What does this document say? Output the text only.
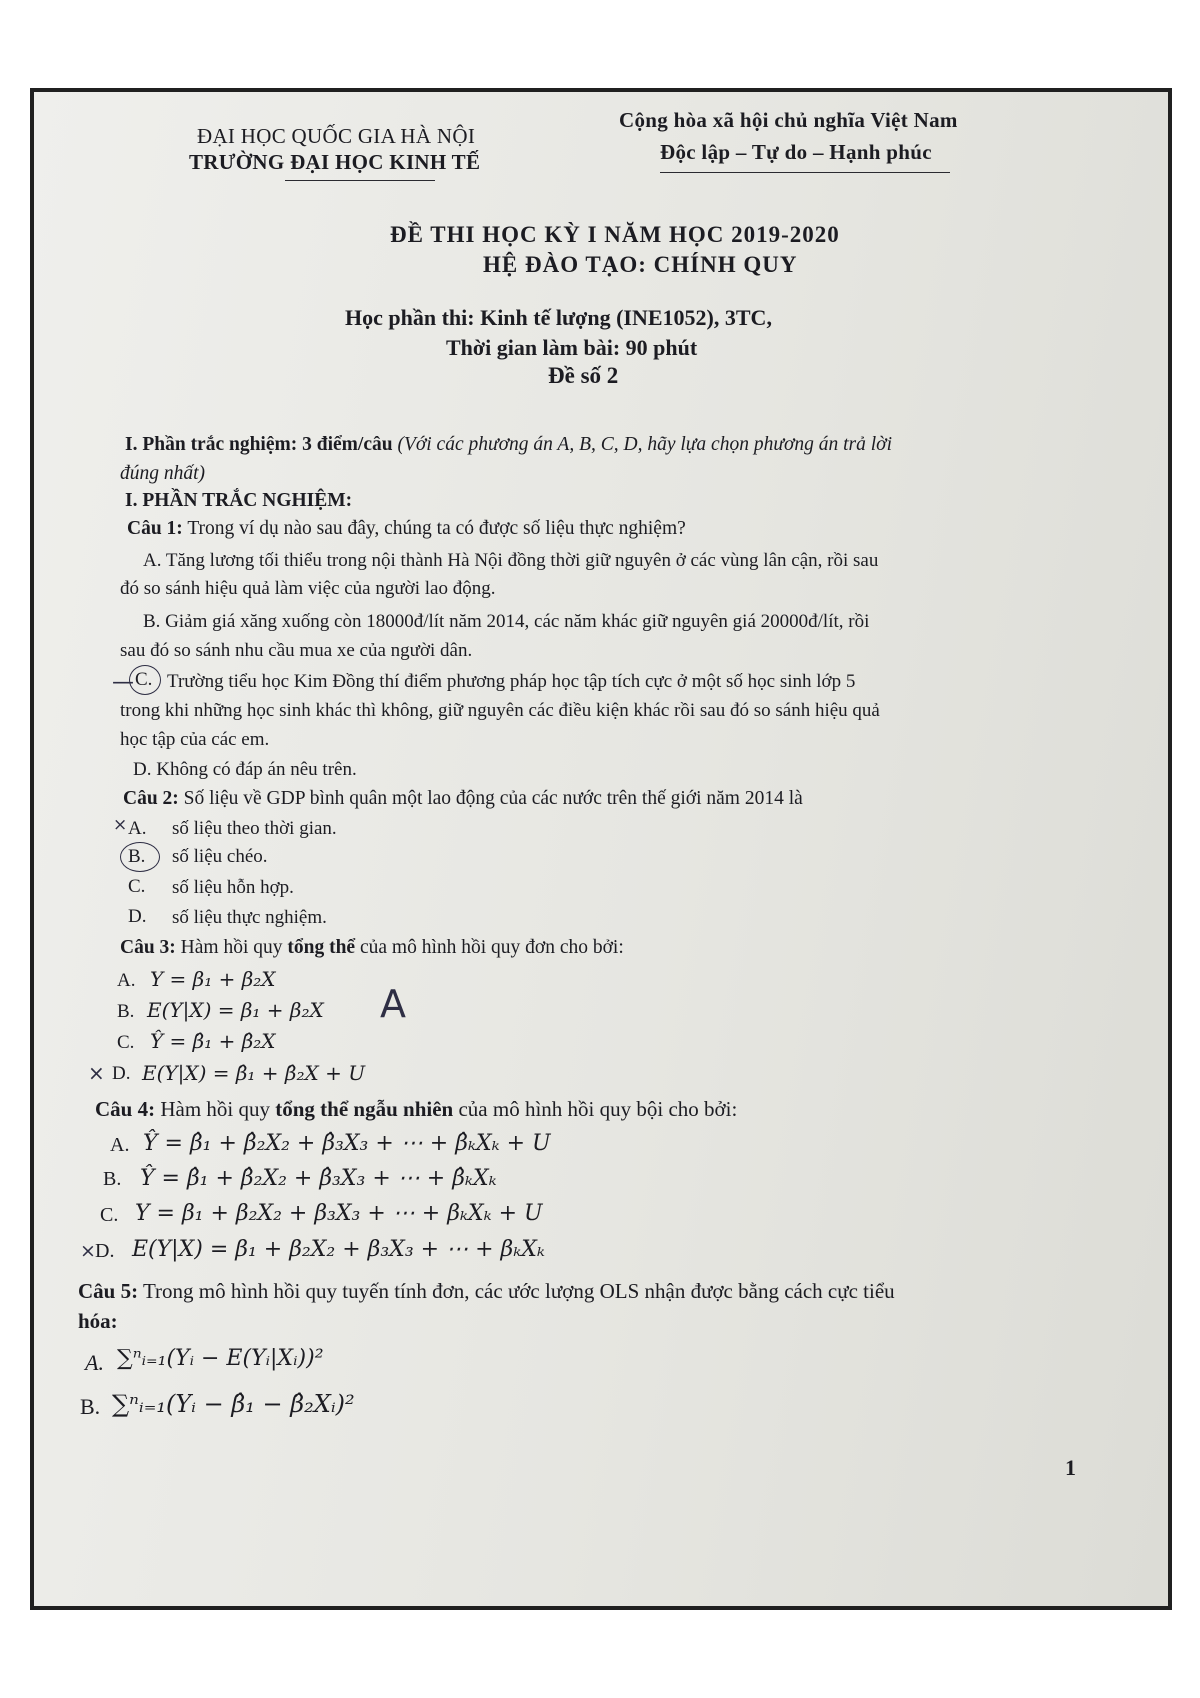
ĐẠI HỌC QUỐC GIA HÀ NỘI
TRƯỜNG ĐẠI HỌC KINH TẾ
Cộng hòa xã hội chủ nghĩa Việt Nam
Độc lập – Tự do – Hạnh phúc
ĐỀ THI HỌC KỲ I NĂM HỌC 2019-2020
HỆ ĐÀO TẠO: CHÍNH QUY
Học phần thi: Kinh tế lượng (INE1052), 3TC,
Thời gian làm bài: 90 phút
Đề số 2
I. Phần trắc nghiệm: 3 điểm/câu (Với các phương án A, B, C, D, hãy lựa chọn phương án trả lời
đúng nhất)
I. PHẦN TRẮC NGHIỆM:
Câu 1: Trong ví dụ nào sau đây, chúng ta có được số liệu thực nghiệm?
A. Tăng lương tối thiểu trong nội thành Hà Nội đồng thời giữ nguyên ở các vùng lân cận, rồi sau
đó so sánh hiệu quả làm việc của người lao động.
B. Giảm giá xăng xuống còn 18000đ/lít năm 2014, các năm khác giữ nguyên giá 20000đ/lít, rồi
sau đó so sánh nhu cầu mua xe của người dân.
— C. Trường tiểu học Kim Đồng thí điểm phương pháp học tập tích cực ở một số học sinh lớp 5
trong khi những học sinh khác thì không, giữ nguyên các điều kiện khác rồi sau đó so sánh hiệu quả
học tập của các em.
D. Không có đáp án nêu trên.
Câu 2: Số liệu về GDP bình quân một lao động của các nước trên thế giới năm 2014 là
× A. số liệu theo thời gian.
B. số liệu chéo.
C. số liệu hỗn hợp.
D. số liệu thực nghiệm.
Câu 3: Hàm hồi quy tổng thể của mô hình hồi quy đơn cho bởi:
A. Y = β₁ + β₂X
B. E(Y|X) = β₁ + β₂X A
C. Ŷ = β̂₁ + β̂₂X
× D. E(Y|X) = β̂₁ + β̂₂X + U
Câu 4: Hàm hồi quy tổng thể ngẫu nhiên của mô hình hồi quy bội cho bởi:
A. Ŷ = β̂₁ + β̂₂X₂ + β̂₃X₃ + ⋯ + β̂ₖXₖ + U
B. Ŷ = β̂₁ + β̂₂X₂ + β̂₃X₃ + ⋯ + β̂ₖXₖ
C. Y = β₁ + β₂X₂ + β₃X₃ + ⋯ + βₖXₖ + U
× D. E(Y|X) = β₁ + β₂X₂ + β₃X₃ + ⋯ + βₖXₖ
Câu 5: Trong mô hình hồi quy tuyến tính đơn, các ước lượng OLS nhận được bằng cách cực tiểu
hóa:
A. ∑ⁿᵢ₌₁(Yᵢ − E(Yᵢ|Xᵢ))²
B. ∑ⁿᵢ₌₁(Yᵢ − β̂₁ − β̂₂Xᵢ)²
1
